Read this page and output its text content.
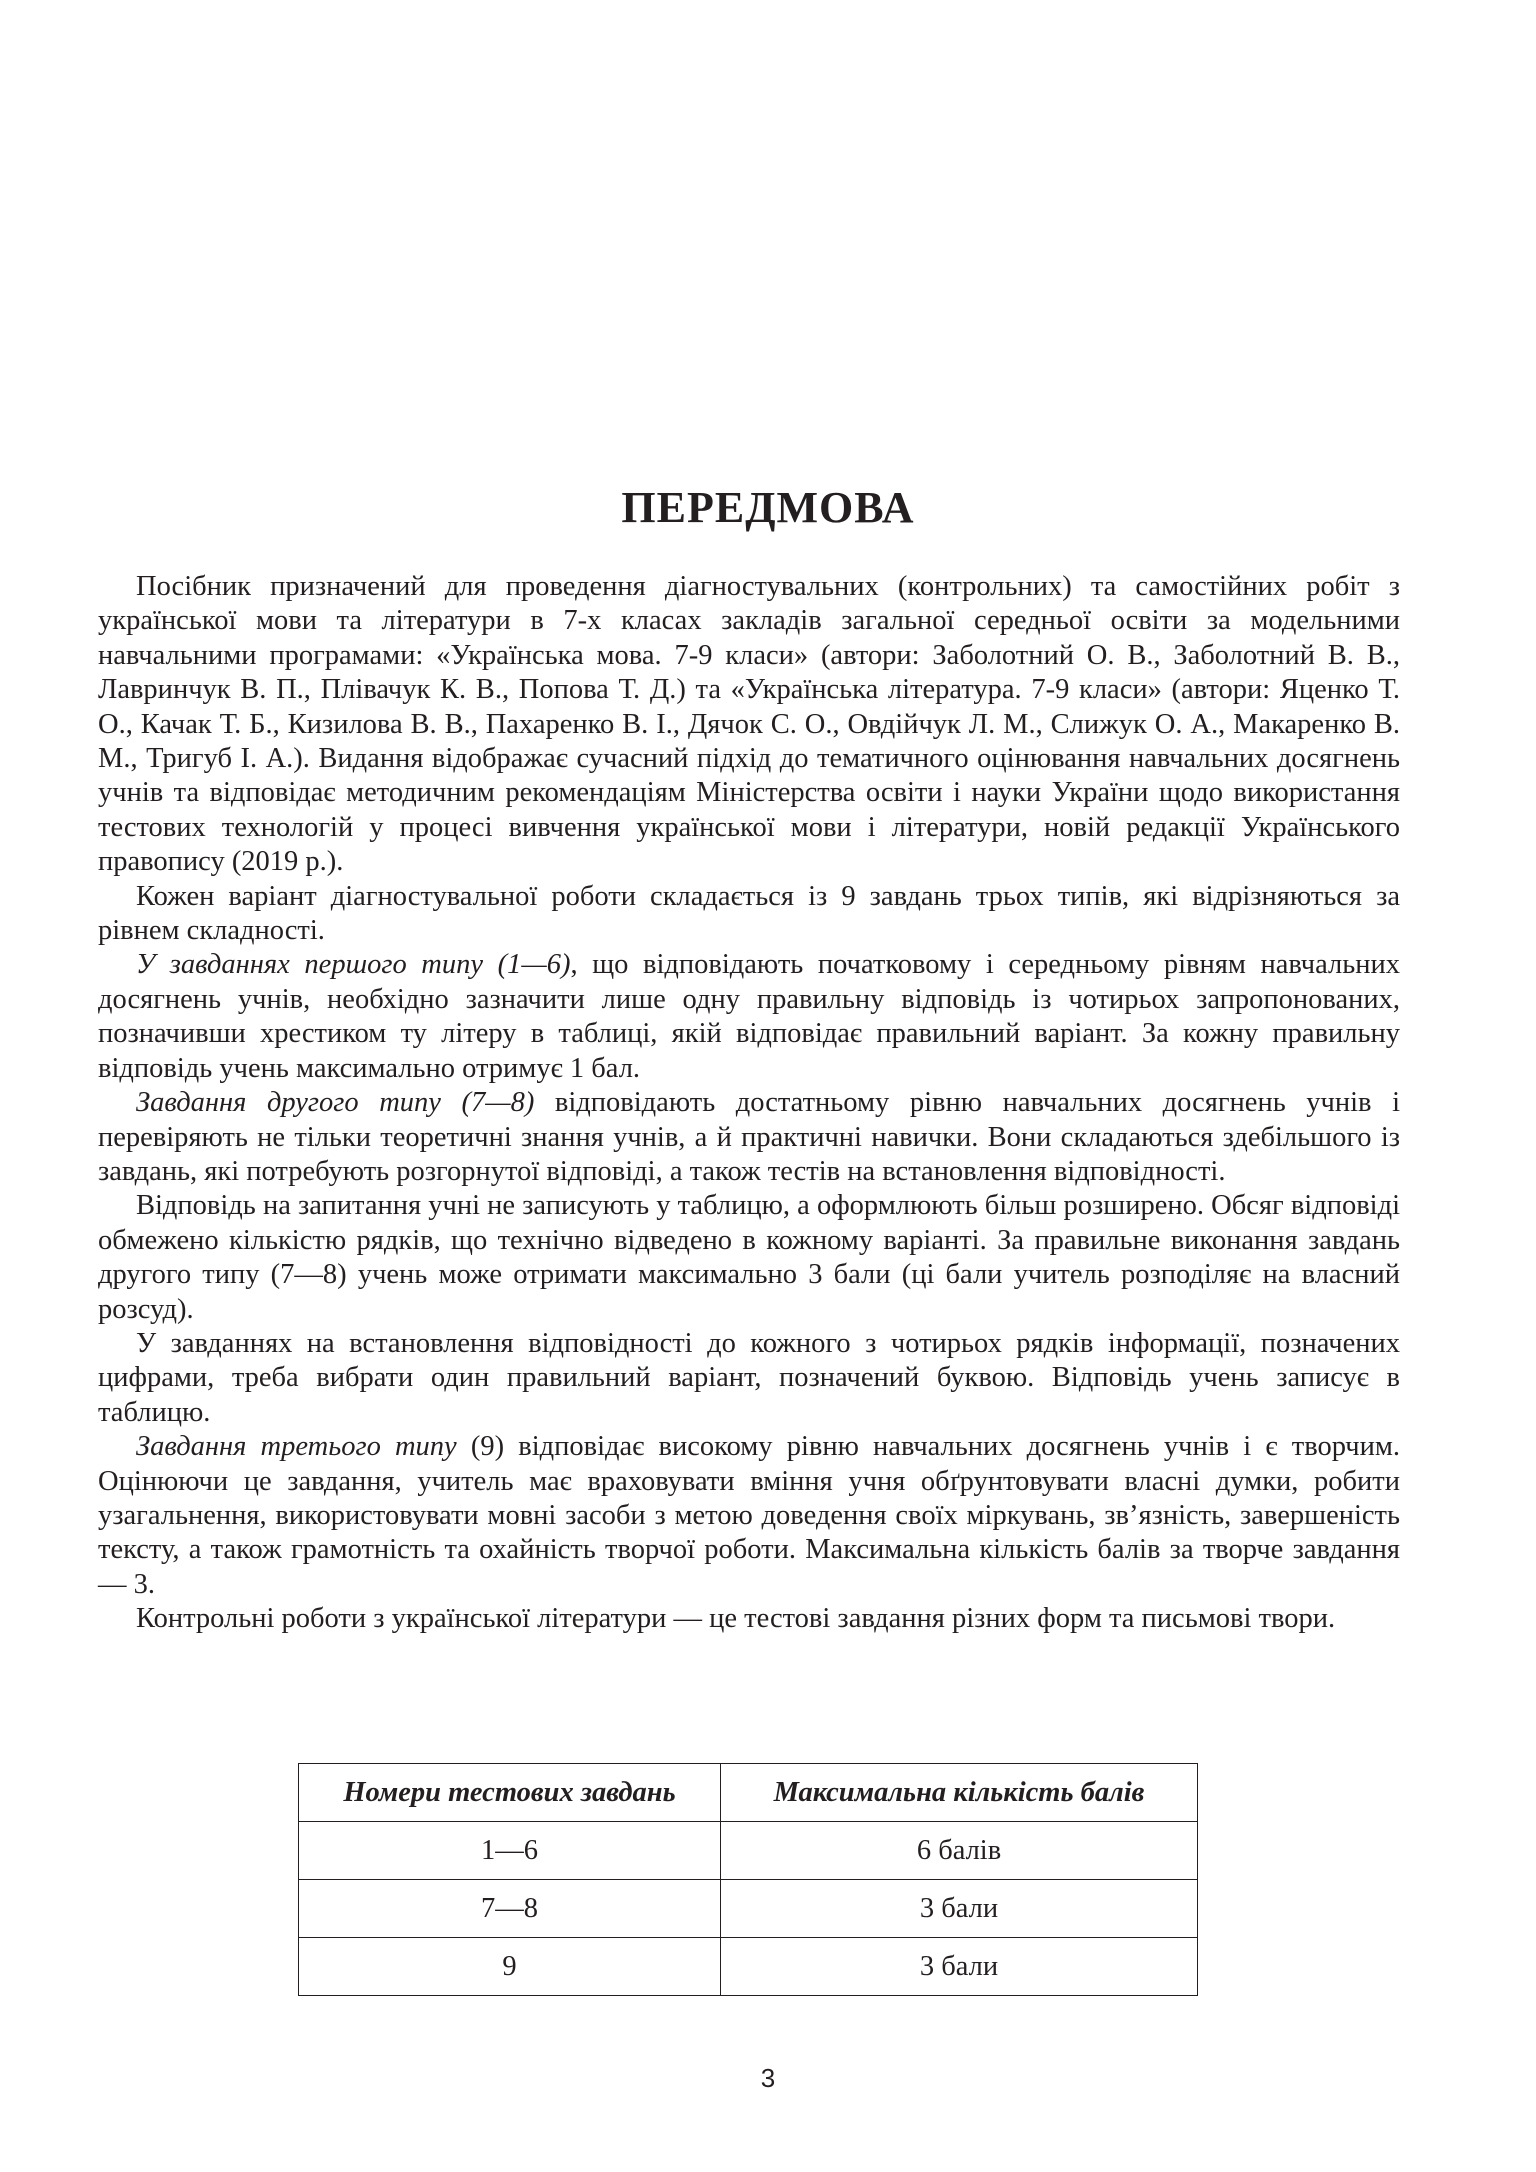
ПЕРЕДМОВА

Посібник призначений для проведення діагностувальних (контрольних) та самостійних робіт з української мови та літератури в 7-х класах закладів загальної середньої освіти за модельними навчальними програмами: «Українська мова. 7-9 класи» (автори: Заболотний О. В., Заболотний В. В., Лавринчук В. П., Плівачук К. В., Попова Т. Д.) та «Українська література. 7-9 класи» (автори: Яценко Т. О., Качак Т. Б., Кизилова В. В., Пахаренко В. І., Дячок С. О., Овдійчук Л. М., Слижук О. А., Макаренко В. М., Тригуб І. А.). Видання відображає сучасний підхід до тематичного оцінювання навчальних досягнень учнів та відповідає методичним рекомендаціям Міністерства освіти і науки України щодо використання тестових технологій у процесі вивчення української мови і літератури, новій редакції Українського правопису (2019 р.).

Кожен варіант діагностувальної роботи складається із 9 завдань трьох типів, які відрізняються за рівнем складності.

У завданнях першого типу (1—6), що відповідають початковому і середньому рівням навчальних досягнень учнів, необхідно зазначити лише одну правильну відповідь із чотирьох запропонованих, позначивши хрестиком ту літеру в таблиці, якій відповідає правильний варіант. За кожну правильну відповідь учень максимально отримує 1 бал.

Завдання другого типу (7—8) відповідають достатньому рівню навчальних досягнень учнів і перевіряють не тільки теоретичні знання учнів, а й практичні навички. Вони складаються здебільшого із завдань, які потребують розгорнутої відповіді, а також тестів на встановлення відповідності.

Відповідь на запитання учні не записують у таблицю, а оформлюють більш розширено. Обсяг відповіді обмежено кількістю рядків, що технічно відведено в кожному варіанті. За правильне виконання завдань другого типу (7—8) учень може отримати максимально 3 бали (ці бали учитель розподіляє на власний розсуд).

У завданнях на встановлення відповідності до кожного з чотирьох рядків інформації, позначених цифрами, треба вибрати один правильний варіант, позначений буквою. Відповідь учень записує в таблицю.

Завдання третього типу (9) відповідає високому рівню навчальних досягнень учнів і є творчим. Оцінюючи це завдання, учитель має враховувати вміння учня обґрунтовувати власні думки, робити узагальнення, використовувати мовні засоби з метою доведення своїх міркувань, зв’язність, завершеність тексту, а також грамотність та охайність творчої роботи. Максимальна кількість балів за творче завдання — 3.

Контрольні роботи з української літератури — це тестові завдання різних форм та письмові твори.

Номери тестових завдань	Максимальна кількість балів
1—6	6 балів
7—8	3 бали
9	3 бали
3
